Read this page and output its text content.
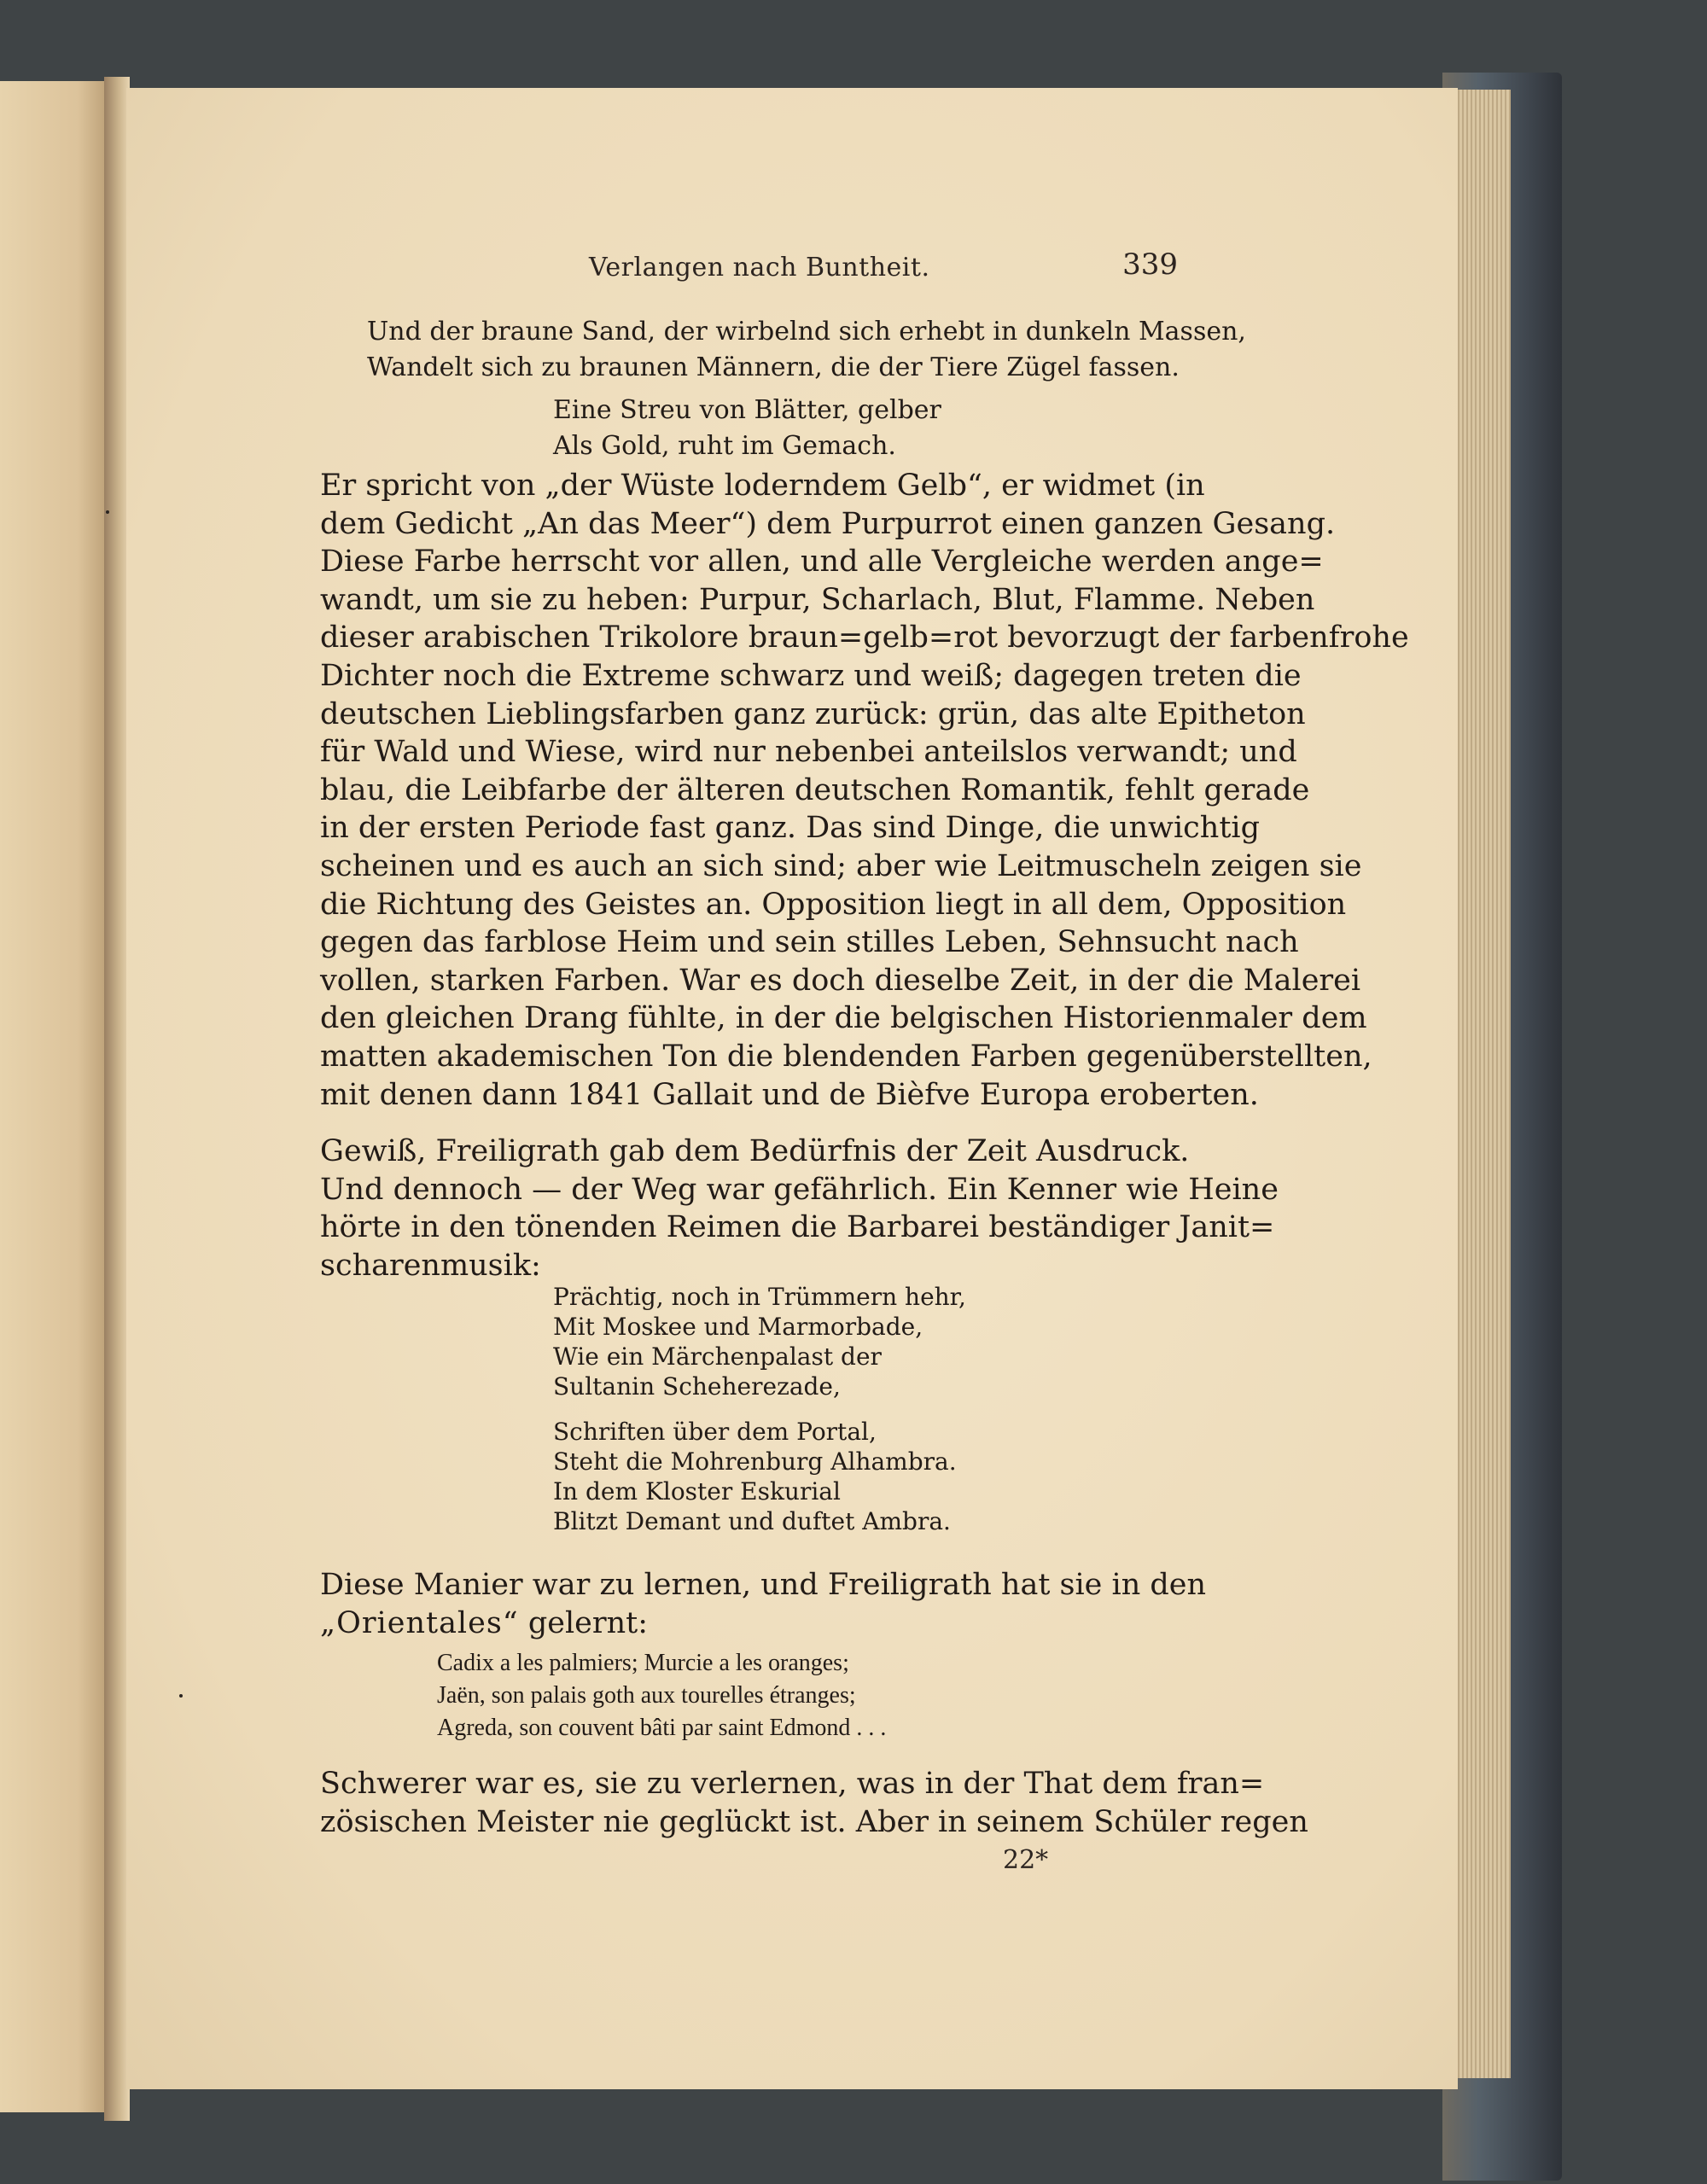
Verlangen nach Buntheit.	339
Und der braune Sand, der wirbelnd sich erhebt in dunkeln Massen,
Wandelt sich zu braunen Männern, die der Tiere Zügel fassen.
Eine Streu von Blätter, gelber
Als Gold, ruht im Gemach.
Er spricht von „der Wüste loderndem Gelb“, er widmet (in
dem Gedicht „An das Meer“) dem Purpurrot einen ganzen Gesang.
Diese Farbe herrscht vor allen, und alle Vergleiche werden ange=
wandt, um sie zu heben: Purpur, Scharlach, Blut, Flamme. Neben
dieser arabischen Trikolore braun=gelb=rot bevorzugt der farbenfrohe
Dichter noch die Extreme schwarz und weiß; dagegen treten die
deutschen Lieblingsfarben ganz zurück: grün, das alte Epitheton
für Wald und Wiese, wird nur nebenbei anteilslos verwandt; und
blau, die Leibfarbe der älteren deutschen Romantik, fehlt gerade
in der ersten Periode fast ganz. Das sind Dinge, die unwichtig
scheinen und es auch an sich sind; aber wie Leitmuscheln zeigen sie
die Richtung des Geistes an. Opposition liegt in all dem, Opposition
gegen das farblose Heim und sein stilles Leben, Sehnsucht nach
vollen, starken Farben. War es doch dieselbe Zeit, in der die Malerei
den gleichen Drang fühlte, in der die belgischen Historienmaler dem
matten akademischen Ton die blendenden Farben gegenüberstellten,
mit denen dann 1841 Gallait und de Bièfve Europa eroberten.
Gewiß, Freiligrath gab dem Bedürfnis der Zeit Ausdruck.
Und dennoch — der Weg war gefährlich. Ein Kenner wie Heine
hörte in den tönenden Reimen die Barbarei beständiger Janit=
scharenmusik:
Prächtig, noch in Trümmern hehr,
Mit Moskee und Marmorbade,
Wie ein Märchenpalast der
Sultanin Scheherezade,
Schriften über dem Portal,
Steht die Mohrenburg Alhambra.
In dem Kloster Eskurial
Blitzt Demant und duftet Ambra.
Diese Manier war zu lernen, und Freiligrath hat sie in den
„Orientales“ gelernt:
Cadix a les palmiers; Murcie a les oranges;
Jaën, son palais goth aux tourelles étranges;
Agreda, son couvent bâti par saint Edmond . . .
Schwerer war es, sie zu verlernen, was in der That dem fran=
zösischen Meister nie geglückt ist. Aber in seinem Schüler regen
22*
